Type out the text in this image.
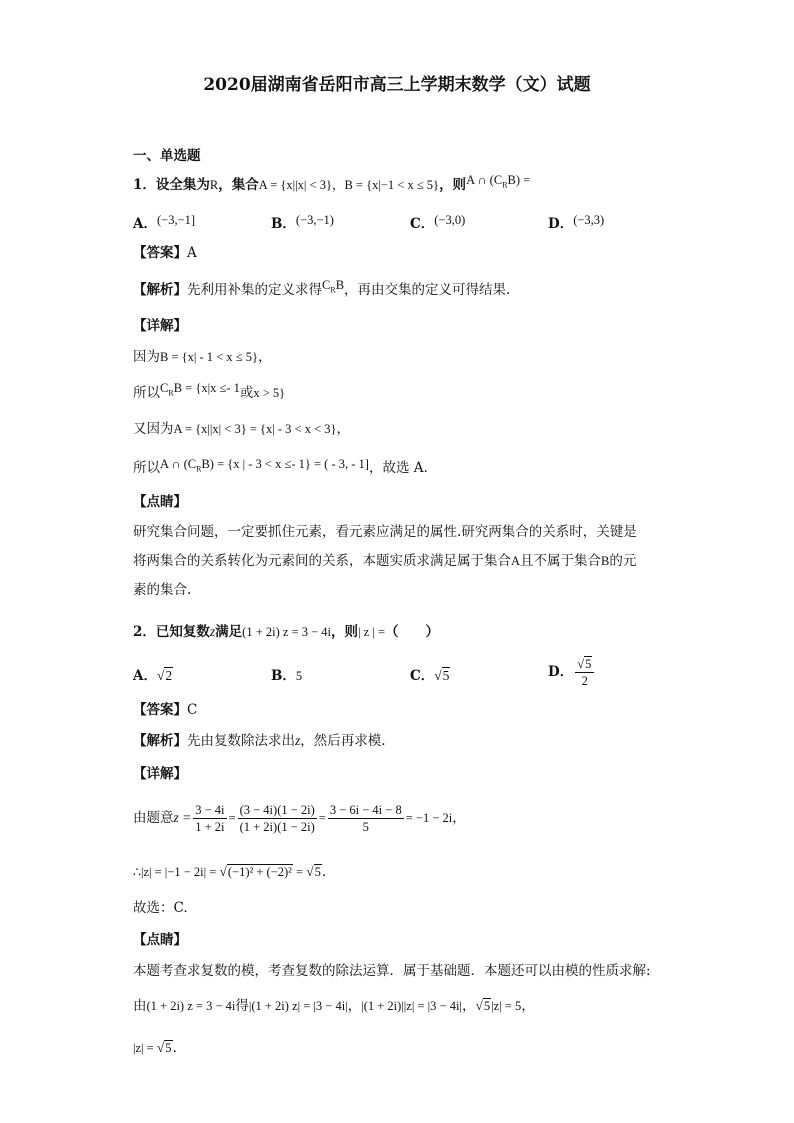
2020届湖南省岳阳市高三上学期末数学（文）试题
一、单选题
1．设全集为R，集合A = {x||x| < 3}，B = {x|−1 < x ≤ 5}，则A ∩ $(C_RB)$ =
A．(−3,−1]	B．(−3,−1)	C．(−3,0)	D．(−3,3)
【答案】A
【解析】先利用补集的定义求得$C_RB$，再由交集的定义可得结果.
【详解】
因为B = {x| - 1 < x ≤ 5}，
所以$C_RB = \{x|x \le- 1$或x > 5}
又因为A = {x||x| < 3} = {x| - 3 < x < 3}，
所以A ∩ $(C_RB) = \{x$ | - 3 < x ≤- 1} = ( - 3, - 1]，故选 A.
【点睛】
研究集合问题，一定要抓住元素，看元素应满足的属性.研究两集合的关系时，关键是
将两集合的关系转化为元素间的关系，本题实质求满足属于集合A且不属于集合B的元
素的集合.
2．已知复数z满足(1 + 2i) z = 3 − 4i，则| z | =（　　）
A．√2	B．5	C．√5	D． $\frac{√5}{2}$
【答案】C
【解析】先由复数除法求出z，然后再求模.
【详解】
由题意$z = \frac{3 - 4i}{1 + 2i} = \frac{(3 - 4i)(1 - 2i)}{(1 + 2i)(1 - 2i)} = \frac{3 - 6i - 4i - 8}{5} = -1 - 2i$，
∴|z| = |−1 − 2i| = √(−1)² + (−2)² = √5.
故选：C.
【点睛】
本题考查求复数的模，考查复数的除法运算．属于基础题．本题还可以由模的性质求解:
由(1 + 2i) z = 3 − 4i得|(1 + 2i) z| = |3 − 4i|，|(1 + 2i)||z| = |3 − 4i|，√5|z| = 5，
|z| = √5.
